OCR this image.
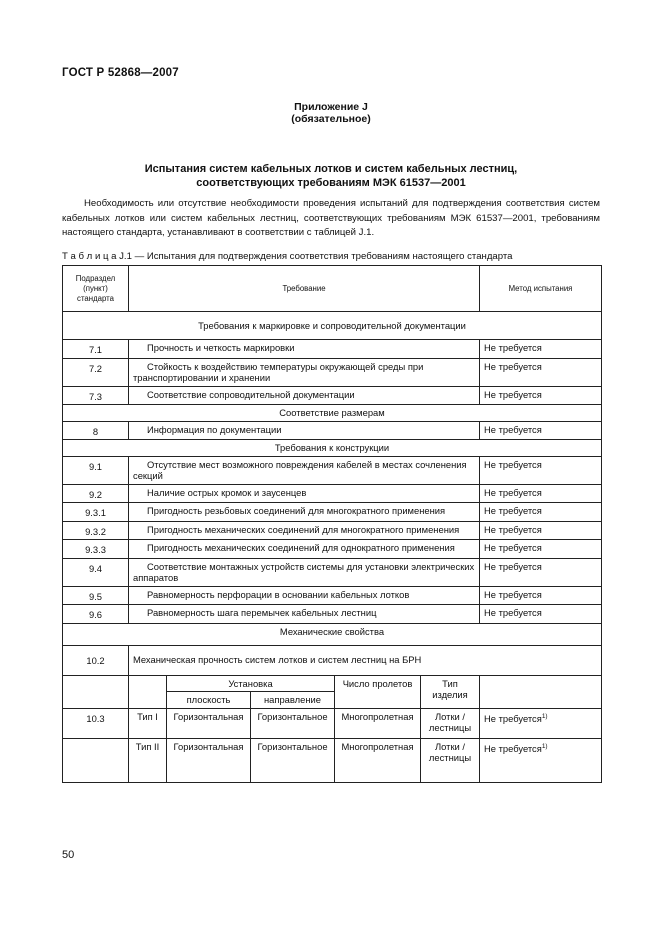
ГОСТ Р 52868—2007
Приложение J
(обязательное)
Испытания систем кабельных лотков и систем кабельных лестниц,
соответствующих требованиям МЭК 61537—2001
Необходимость или отсутствие необходимости проведения испытаний для подтверждения соответствия систем кабельных лотков или систем кабельных лестниц, соответствующих требованиям МЭК 61537—2001, требованиям настоящего стандарта, устанавливают в соответствии с таблицей J.1.
Т а б л и ц а J.1 — Испытания для подтверждения соответствия требованиям настоящего стандарта
Подраздел (пункт) стандарта	Требование					Метод испытания
Требования к маркировке и сопроводительной документации						
7.1	Прочность и четкость маркировки					Не требуется
7.2	Стойкость к воздействию температуры окружающей среды при транспортировании и хранении					Не требуется
7.3	Соответствие сопроводительной документации					Не требуется
Соответствие размерам						
8	Информация по документации					Не требуется
Требования к конструкции						
9.1	Отсутствие мест возможного повреждения кабелей в местах сочленения секций					Не требуется
9.2	Наличие острых кромок и заусенцев					Не требуется
9.3.1	Пригодность резьбовых соединений для многократного применения					Не требуется
9.3.2	Пригодность механических соединений для многократного применения					Не требуется
9.3.3	Пригодность механических соединений для однократного применения					Не требуется
9.4	Соответствие монтажных устройств системы для установки электрических аппаратов					Не требуется
9.5	Равномерность перфорации в основании кабельных лотков					Не требуется
9.6	Равномерность шага перемычек кабельных лестниц					Не требуется
Механические свойства						
10.2	Механическая прочность систем лотков и систем лестниц на БРН					
		Установка		Число пролетов	Тип изделия	
		плоскость	направление			
10.3	Тип I	Горизонтальная	Горизонтальное	Многопролетная	Лотки / лестницы	Не требуется$^{1)}$
	Тип II	Горизонтальная	Горизонтальное	Многопролетная	Лотки / лестницы	Не требуется$^{1)}$
50
